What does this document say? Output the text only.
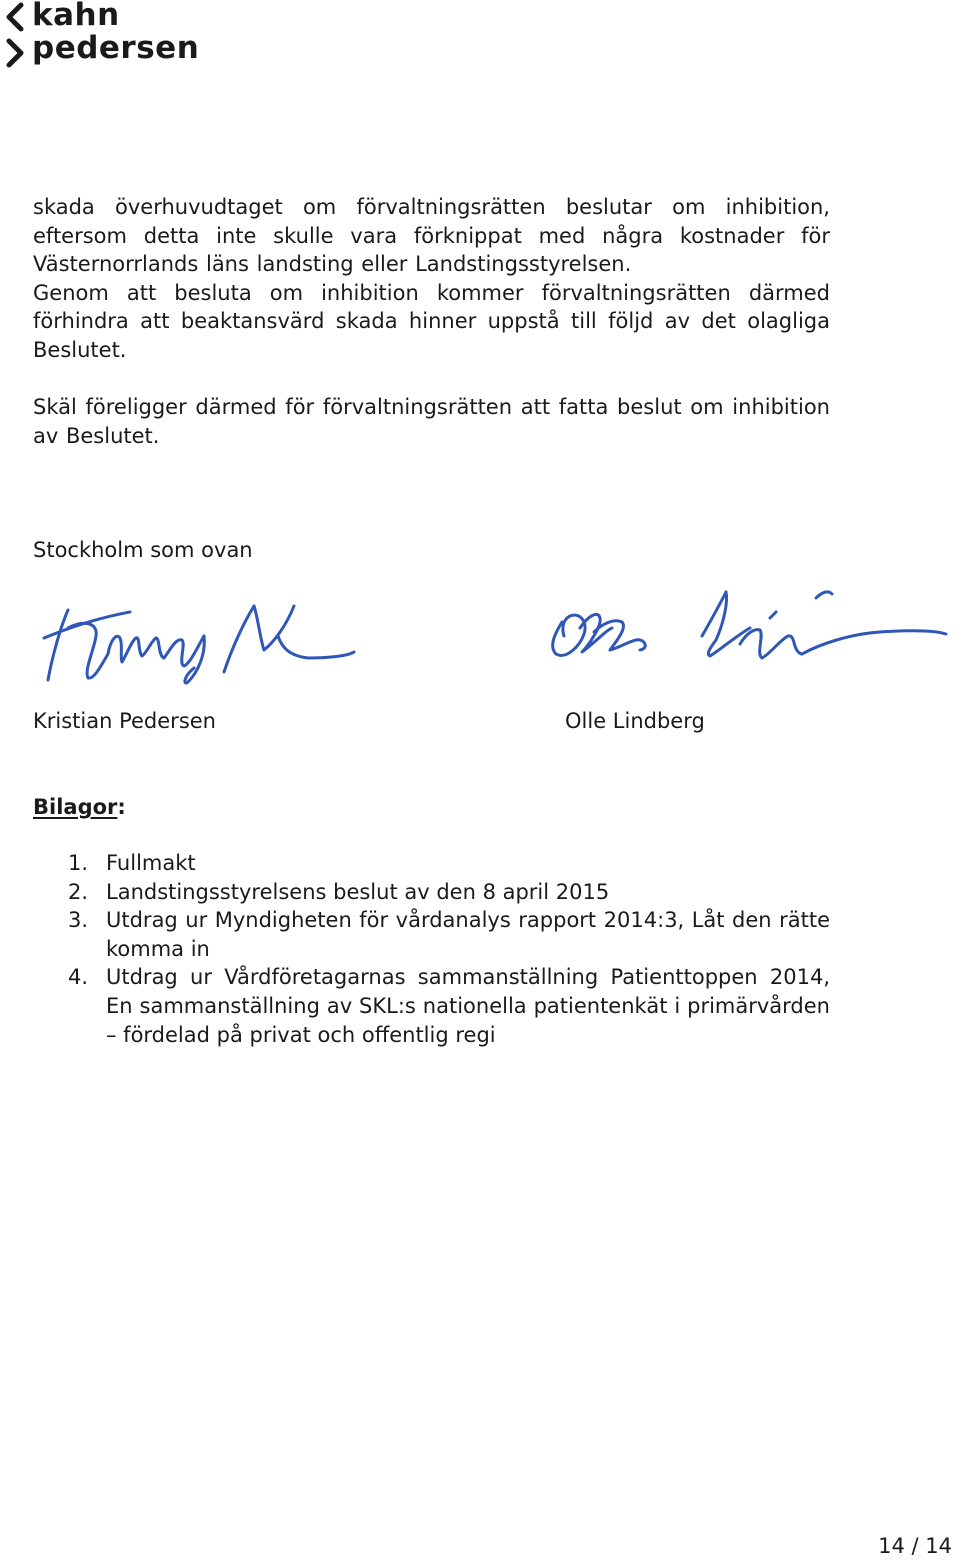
kahn
pedersen
skada överhuvudtaget om förvaltningsrätten beslutar om inhibition,
eftersom detta inte skulle vara förknippat med några kostnader för
Västernorrlands läns landsting eller Landstingsstyrelsen.
Genom att besluta om inhibition kommer förvaltningsrätten därmed
förhindra att beaktansvärd skada hinner uppstå till följd av det olagliga
Beslutet.
Skäl föreligger därmed för förvaltningsrätten att fatta beslut om inhibition
av Beslutet.
Stockholm som ovan
Kristian Pedersen	Olle Lindberg
Bilagor:
1. Fullmakt
2. Landstingsstyrelsens beslut av den 8 april 2015
3. Utdrag ur Myndigheten för vårdanalys rapport 2014:3, Låt den rätte
komma in
4. Utdrag ur Vårdföretagarnas sammanställning Patienttoppen 2014,
En sammanställning av SKL:s nationella patientenkät i primärvården
– fördelad på privat och offentlig regi
14 / 14
